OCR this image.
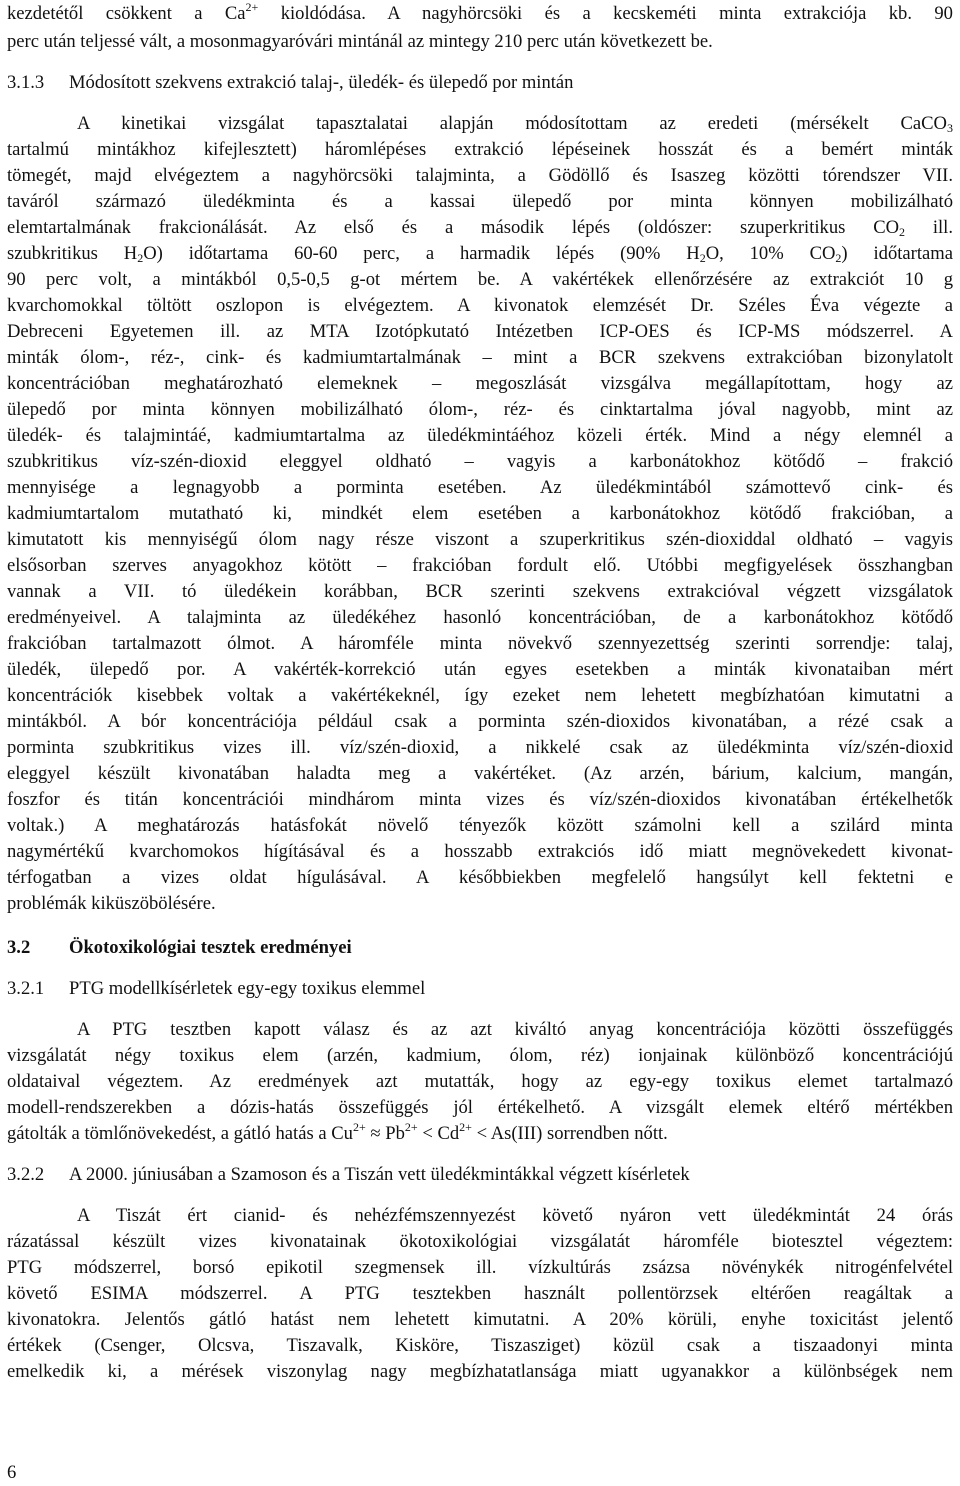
kezdetétől csökkent a $Ca^{2+}$ kioldódása. A nagyhörcsöki és a kecskeméti minta extrakciója kb. 90
perc után teljessé vált, a mosonmagyaróvári mintánál az mintegy 210 perc után következett be.
3.1.3 Módosított szekvens extrakció talaj-, üledék- és ülepedő por mintán
A kinetikai vizsgálat tapasztalatai alapján módosítottam az eredeti (mérsékelt CaCO$_3$
tartalmú mintákhoz kifejlesztett) háromlépéses extrakció lépéseinek hosszát és a bemért minták
tömegét, majd elvégeztem a nagyhörcsöki talajminta, a Gödöllő és Isaszeg közötti tórendszer VII.
taváról származó üledékminta és a kassai ülepedő por minta könnyen mobilizálható
elemtartalmának frakcionálását. Az első és a második lépés (oldószer: szuperkritikus $CO_2$ ill.
szubkritikus $H_2O$) időtartama 60-60 perc, a harmadik lépés (90% $H_2O$, 10% $CO_2$) időtartama
90 perc volt, a mintákból 0,5-0,5 g-ot mértem be. A vakértékek ellenőrzésére az extrakciót 10 g
kvarchomokkal töltött oszlopon is elvégeztem. A kivonatok elemzését Dr. Széles Éva végezte a
Debreceni Egyetemen ill. az MTA Izotópkutató Intézetben ICP-OES és ICP-MS módszerrel. A
minták ólom-, réz-, cink- és kadmiumtartalmának – mint a BCR szekvens extrakcióban bizonylatolt
koncentrációban meghatározható elemeknek – megoszlását vizsgálva megállapítottam, hogy az
ülepedő por minta könnyen mobilizálható ólom-, réz- és cinktartalma jóval nagyobb, mint az
üledék- és talajmintáé, kadmiumtartalma az üledékmintáéhoz közeli érték. Mind a négy elemnél a
szubkritikus víz-szén-dioxid eleggyel oldható – vagyis a karbonátokhoz kötődő – frakció
mennyisége a legnagyobb a porminta esetében. Az üledékmintából számottevő cink- és
kadmiumtartalom mutatható ki, mindkét elem esetében a karbonátokhoz kötődő frakcióban, a
kimutatott kis mennyiségű ólom nagy része viszont a szuperkritikus szén-dioxiddal oldható – vagyis
elsősorban szerves anyagokhoz kötött – frakcióban fordult elő. Utóbbi megfigyelések összhangban
vannak a VII. tó üledékein korábban, BCR szerinti szekvens extrakcióval végzett vizsgálatok
eredményeivel. A talajminta az üledékéhez hasonló koncentrációban, de a karbonátokhoz kötődő
frakcióban tartalmazott ólmot. A háromféle minta növekvő szennyezettség szerinti sorrendje: talaj,
üledék, ülepedő por. A vakérték-korrekció után egyes esetekben a minták kivonataiban mért
koncentrációk kisebbek voltak a vakértékeknél, így ezeket nem lehetett megbízhatóan kimutatni a
mintákból. A bór koncentrációja például csak a porminta szén-dioxidos kivonatában, a rézé csak a
porminta szubkritikus vizes ill. víz/szén-dioxid, a nikkelé csak az üledékminta víz/szén-dioxid
eleggyel készült kivonatában haladta meg a vakértéket. (Az arzén, bárium, kalcium, mangán,
foszfor és titán koncentrációi mindhárom minta vizes és víz/szén-dioxidos kivonatában értékelhetők
voltak.) A meghatározás hatásfokát növelő tényezők között számolni kell a szilárd minta
nagymértékű kvarchomokos hígításával és a hosszabb extrakciós idő miatt megnövekedett kivonat-
térfogatban a vizes oldat hígulásával. A későbbiekben megfelelő hangsúlyt kell fektetni e
problémák kiküszöbölésére.
3.2 Ökotoxikológiai tesztek eredményei
3.2.1 PTG modellkísérletek egy-egy toxikus elemmel
A PTG tesztben kapott válasz és az azt kiváltó anyag koncentrációja közötti összefüggés
vizsgálatát négy toxikus elem (arzén, kadmium, ólom, réz) ionjainak különböző koncentrációjú
oldataival végeztem. Az eredmények azt mutatták, hogy az egy-egy toxikus elemet tartalmazó
modell-rendszerekben a dózis-hatás összefüggés jól értékelhető. A vizsgált elemek eltérő mértékben
gátolták a tömlőnövekedést, a gátló hatás a $Cu^{2+} \approx Pb^{2+} < Cd^{2+} < As(III)$ sorrendben nőtt.
3.2.2 A 2000. júniusában a Szamoson és a Tiszán vett üledékmintákkal végzett kísérletek
A Tiszát ért cianid- és nehézfémszennyezést követő nyáron vett üledékmintát 24 órás
rázatással készült vizes kivonatainak ökotoxikológiai vizsgálatát háromféle biotesztel végeztem:
PTG módszerrel, borsó epikotil szegmensek ill. vízkultúrás zsázsa növénykék nitrogénfelvétel
követő ESIMA módszerrel. A PTG tesztekben használt pollentörzsek eltérően reagáltak a
kivonatokra. Jelentős gátló hatást nem lehetett kimutatni. A 20% körüli, enyhe toxicitást jelentő
értékek (Csenger, Olcsva, Tiszavalk, Kisköre, Tiszasziget) közül csak a tiszaadonyi minta
emelkedik ki, a mérések viszonylag nagy megbízhatatlansága miatt ugyanakkor a különbségek nem
6
